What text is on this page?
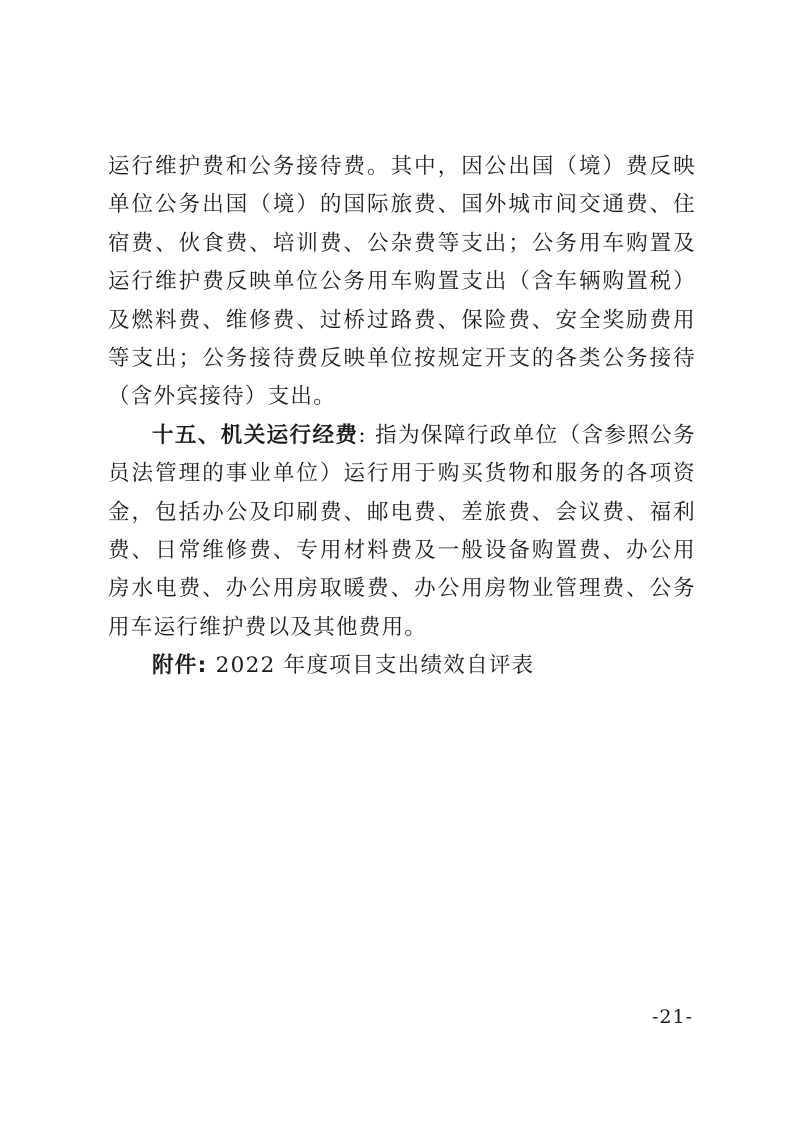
运行维护费和公务接待费。其中，因公出国（境）费反映单位公务出国（境）的国际旅费、国外城市间交通费、住宿费、伙食费、培训费、公杂费等支出；公务用车购置及运行维护费反映单位公务用车购置支出（含车辆购置税）及燃料费、维修费、过桥过路费、保险费、安全奖励费用等支出；公务接待费反映单位按规定开支的各类公务接待（含外宾接待）支出。

十五、机关运行经费: 指为保障行政单位（含参照公务员法管理的事业单位）运行用于购买货物和服务的各项资金，包括办公及印刷费、邮电费、差旅费、会议费、福利费、日常维修费、专用材料费及一般设备购置费、办公用房水电费、办公用房取暖费、办公用房物业管理费、公务用车运行维护费以及其他费用。

附件: 2022 年度项目支出绩效自评表

-21-
